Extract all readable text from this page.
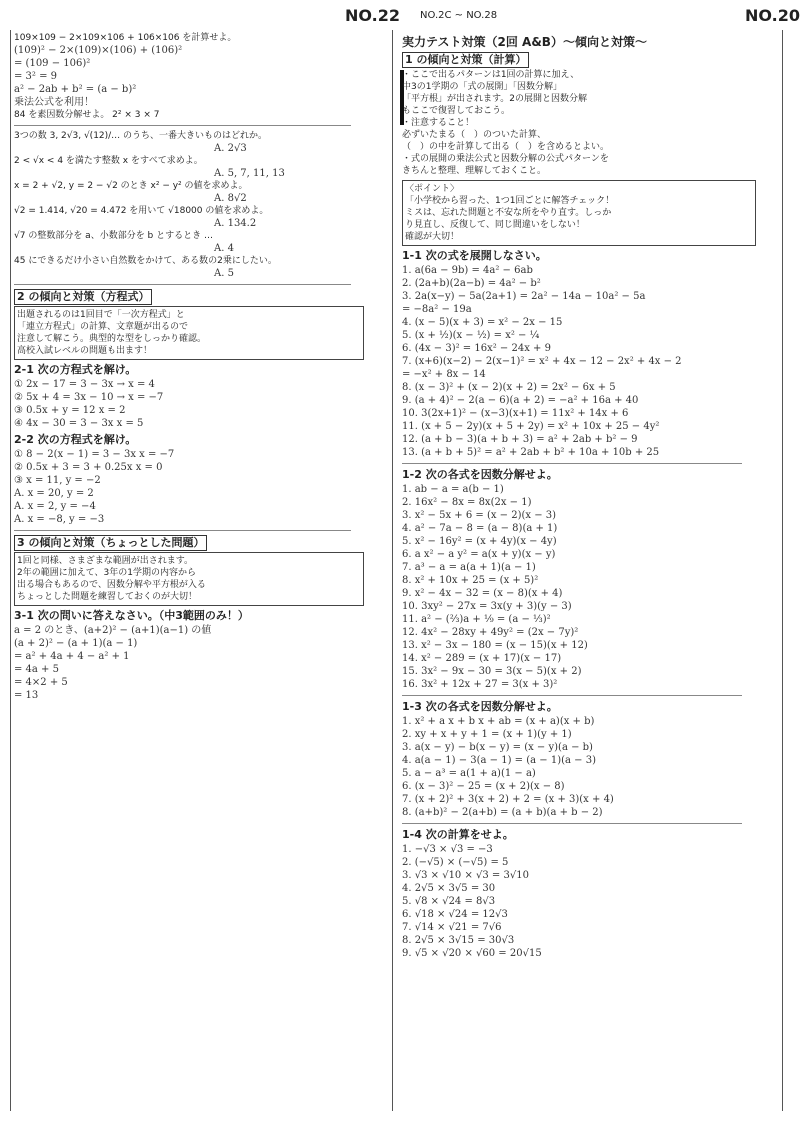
NO.22	NO.20
NO.2C ~ NO.28
実力テスト対策（2回 A&B）〜傾向と対策〜
1 の傾向と対策（計算）
・ここで出るパターンは1回の計算に加え、
中3の1学期の「式の展開」「因数分解」
「平方根」が出されます。2の展開と因数分解
もここで復習しておこう。
・注意すること！
必ずいたまる（　）のついた計算、
（　）の中を計算して出る（　）を含めるとよい。
・式の展開の乗法公式と因数分解の公式パターンを
きちんと整理、理解しておくこと。
〈ポイント〉
「小学校から習った、1つ1回ごとに解答チェック！
ミスは、忘れた問題と不安な所をやり直す。しっか
り見直し、反復して、同じ間違いをしない！
確認が大切！
1-1 次の式を展開しなさい。
1. a(6a − 9b) = 4a² − 6ab
2. (2a+b)(2a−b) = 4a² − b²
3. 2a(x−y) − 5a(2a+1) = 2a² − 14a − 10a² − 5a
= −8a² − 19a
4. (x − 5)(x + 3) = x² − 2x − 15
5. (x + ½)(x − ½) = x² − ¼
6. (4x − 3)² = 16x² − 24x + 9
7. (x+6)(x−2) − 2(x−1)² = x² + 4x − 12 − 2x² + 4x − 2
= −x² + 8x − 14
8. (x − 3)² + (x − 2)(x + 2) = 2x² − 6x + 5
9. (a + 4)² − 2(a − 6)(a + 2) = −a² + 16a + 40
10. 3(2x+1)² − (x−3)(x+1) = 11x² + 14x + 6
11. (x + 5 − 2y)(x + 5 + 2y) = x² + 10x + 25 − 4y²
12. (a + b − 3)(a + b + 3) = a² + 2ab + b² − 9
13. (a + b + 5)² = a² + 2ab + b² + 10a + 10b + 25
1-2 次の各式を因数分解せよ。
1. ab − a = a(b − 1)
2. 16x² − 8x = 8x(2x − 1)
3. x² − 5x + 6 = (x − 2)(x − 3)
4. a² − 7a − 8 = (a − 8)(a + 1)
5. x² − 16y² = (x + 4y)(x − 4y)
6. a x² − a y² = a(x + y)(x − y)
7. a³ − a = a(a + 1)(a − 1)
8. x² + 10x + 25 = (x + 5)²
9. x² − 4x − 32 = (x − 8)(x + 4)
10. 3xy² − 27x = 3x(y + 3)(y − 3)
11. a² − (⅔)a + ⅑ = (a − ⅓)²
12. 4x² − 28xy + 49y² = (2x − 7y)²
13. x² − 3x − 180 = (x − 15)(x + 12)
14. x² − 289 = (x + 17)(x − 17)
15. 3x² − 9x − 30 = 3(x − 5)(x + 2)
16. 3x² + 12x + 27 = 3(x + 3)²
1-3 次の各式を因数分解せよ。
1. x² + a x + b x + ab = (x + a)(x + b)
2. xy + x + y + 1 = (x + 1)(y + 1)
3. a(x − y) − b(x − y) = (x − y)(a − b)
4. a(a − 1) − 3(a − 1) = (a − 1)(a − 3)
5. a − a³ = a(1 + a)(1 − a)
6. (x − 3)² − 25 = (x + 2)(x − 8)
7. (x + 2)² + 3(x + 2) + 2 = (x + 3)(x + 4)
8. (a+b)² − 2(a+b) = (a + b)(a + b − 2)
1-4 次の計算をせよ。
1. −√3 × √3 = −3
2. (−√5) × (−√5) = 5
3. √3 × √10 × √3 = 3√10
4. 2√5 × 3√5 = 30
5. √8 × √24 = 8√3
6. √18 × √24 = 12√3
7. √14 × √21 = 7√6
8. 2√5 × 3√15 = 30√3
9. √5 × √20 × √60 = 20√15
109×109 − 2×109×106 + 106×106 を計算せよ。
(109)² − 2×(109)×(106) + (106)²
= (109 − 106)²
= 3² = 9
a² − 2ab + b² = (a − b)²
乗法公式を利用！
84 を素因数分解せよ。 2² × 3 × 7
3つの数 3, 2√3, √(12)/… のうち、一番大きいものはどれか。
A. 2√3
2 < √x < 4 を満たす整数 x をすべて求めよ。
A. 5, 7, 11, 13
x = 2 + √2, y = 2 − √2 のとき x² − y² の値を求めよ。
A. 8√2
√2 = 1.414, √20 = 4.472 を用いて √18000 の値を求めよ。
A. 134.2
√7 の整数部分を a、小数部分を b とするとき …
A. 4
45 にできるだけ小さい自然数をかけて、ある数の2乗にしたい。
A. 5
2 の傾向と対策（方程式）
出題されるのは1回目で「一次方程式」と
「連立方程式」の計算、文章題が出るので
注意して解こう。典型的な型をしっかり確認。
高校入試レベルの問題も出ます！
2-1 次の方程式を解け。
① 2x − 17 = 3 − 3x → x = 4
② 5x + 4 = 3x − 10 → x = −7
③ 0.5x + y = 12 x = 2
④ 4x − 30 = 3 − 3x x = 5
2-2 次の方程式を解け。
① 8 − 2(x − 1) = 3 − 3x x = −7
② 0.5x + 3 = 3 + 0.25x x = 0
③ x = 11, y = −2
A. x = 20, y = 2
A. x = 2, y = −4
A. x = −8, y = −3
3 の傾向と対策（ちょっとした問題）
1回と同様、さまざまな範囲が出されます。
2年の範囲に加えて、3年の1学期の内容から
出る場合もあるので、因数分解や平方根が入る
ちょっとした問題を練習しておくのが大切！
3-1 次の問いに答えなさい。（中3範囲のみ！）
a = 2 のとき、(a+2)² − (a+1)(a−1) の値
(a + 2)² − (a + 1)(a − 1)
= a² + 4a + 4 − a² + 1
= 4a + 5
= 4×2 + 5
= 13
